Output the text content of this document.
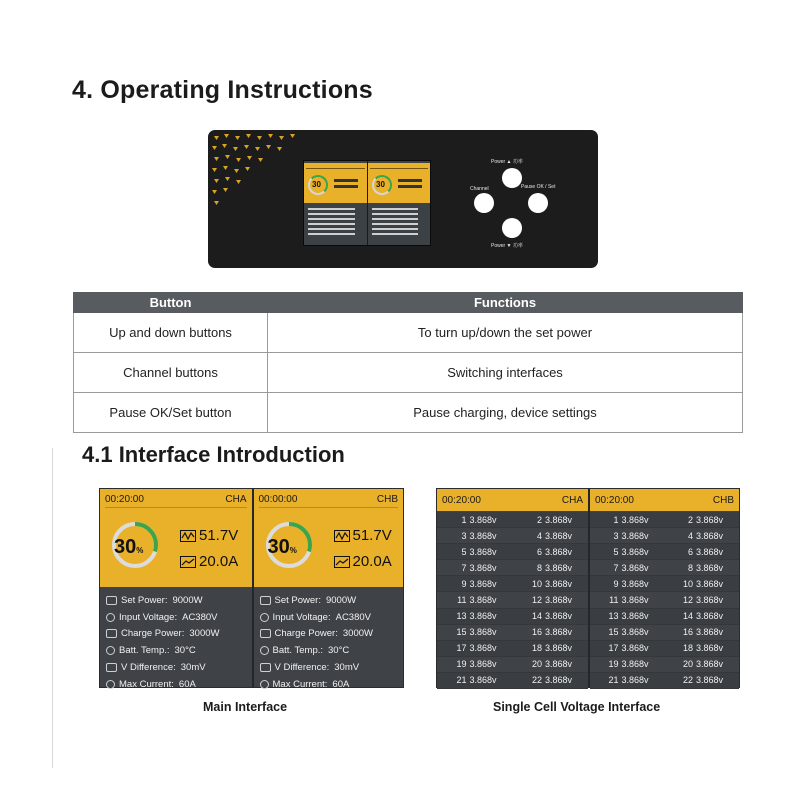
4. Operating Instructions
30	30
Power ▲ 功率
Channel	Pause OK / Set
Power ▼ 功率
Button	Functions
Up and down buttons	To turn up/down the set power
Channel buttons	Switching interfaces
Pause OK/Set button	Pause charging, device settings
4.1 Interface Introduction
00:20:00	CHA
30%
51.7V
20.0A
Set Power: 9000W
Input Voltage: AC380V
Charge Power: 3000W
Batt. Temp.: 30°C
V Difference: 30mV
Max Current: 60A
00:00:00	CHB
30%
51.7V
20.0A
Set Power: 9000W
Input Voltage: AC380V
Charge Power: 3000W
Batt. Temp.: 30°C
V Difference: 30mV
Max Current: 60A
Main Interface
00:20:00	CHA
1 3.868v	2 3.868v
3 3.868v	4 3.868v
5 3.868v	6 3.868v
7 3.868v	8 3.868v
9 3.868v	10 3.868v
11 3.868v	12 3.868v
13 3.868v	14 3.868v
15 3.868v	16 3.868v
17 3.868v	18 3.868v
19 3.868v	20 3.868v
21 3.868v	22 3.868v
00:20:00	CHB
1 3.868v	2 3.868v
3 3.868v	4 3.868v
5 3.868v	6 3.868v
7 3.868v	8 3.868v
9 3.868v	10 3.868v
11 3.868v	12 3.868v
13 3.868v	14 3.868v
15 3.868v	16 3.868v
17 3.868v	18 3.868v
19 3.868v	20 3.868v
21 3.868v	22 3.868v
Single Cell Voltage Interface
